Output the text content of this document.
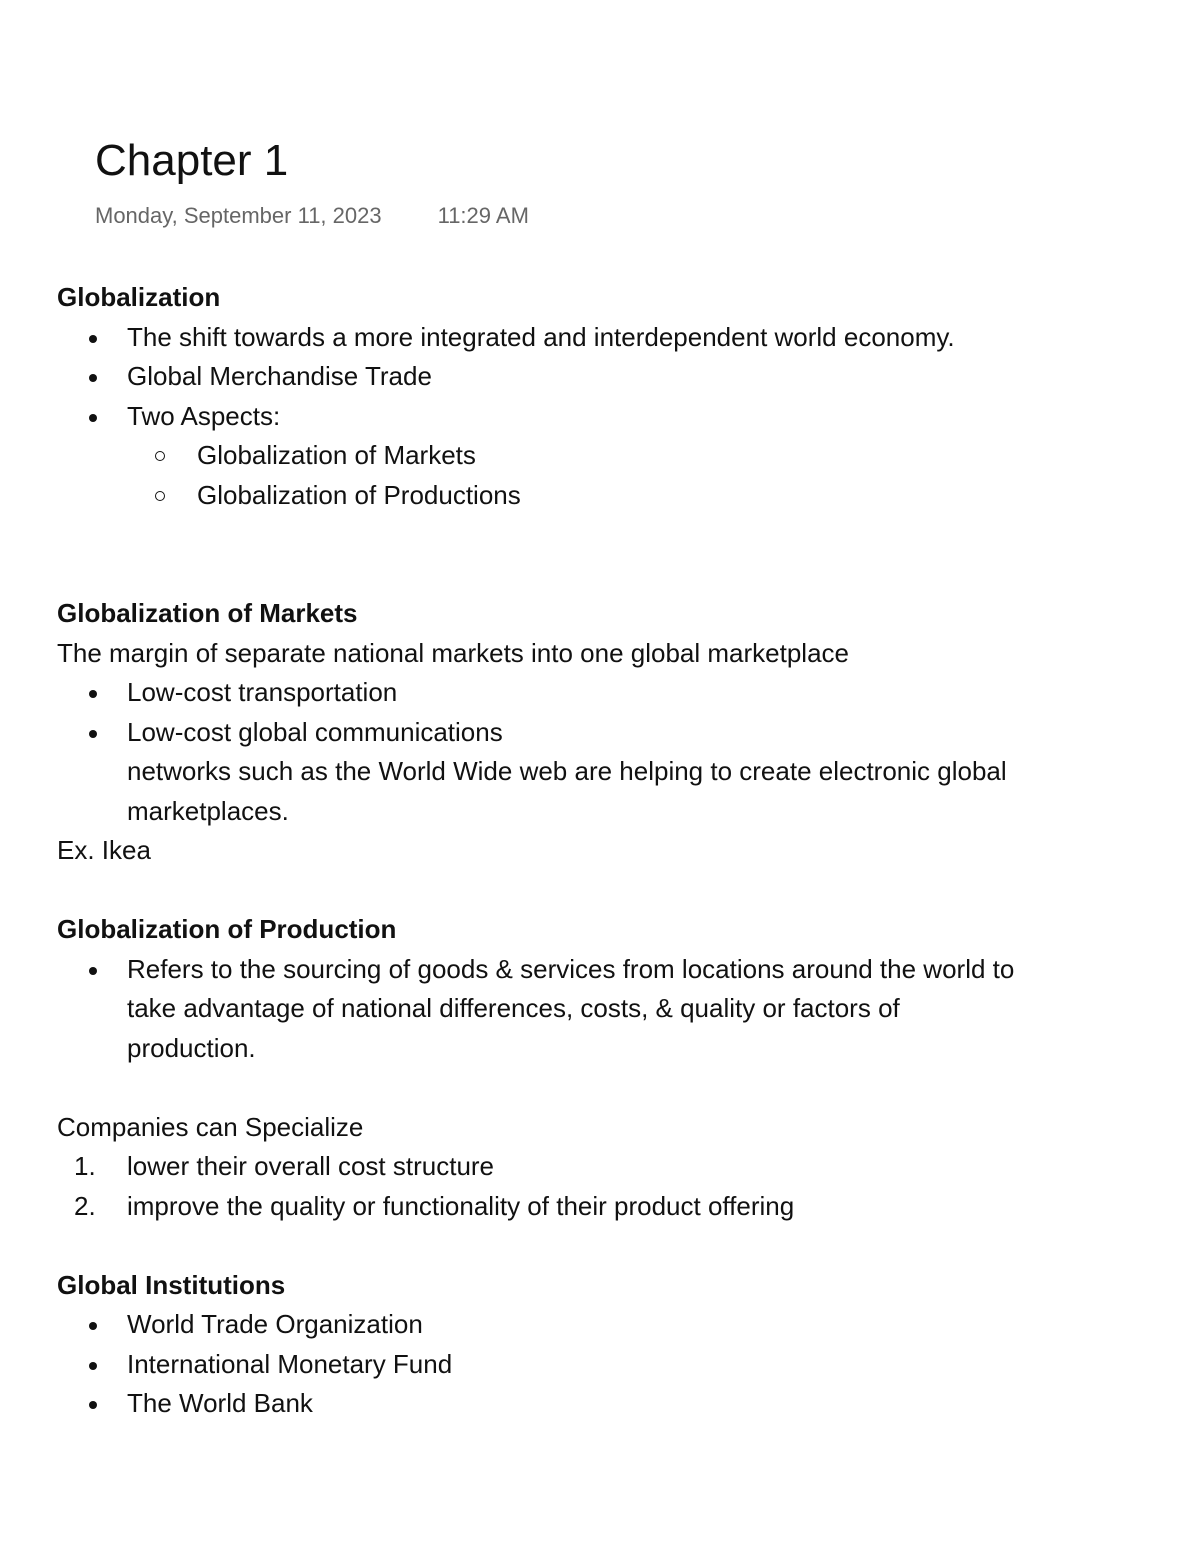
Chapter 1
Monday, September 11, 2023	11:29 AM
Globalization
The shift towards a more integrated and interdependent world economy.
Global Merchandise Trade
Two Aspects:
Globalization of Markets
Globalization of Productions
Globalization of Markets
The margin of separate national markets into one global marketplace
Low-cost transportation
Low-cost global communications
networks such as the World Wide web are helping to create electronic global
marketplaces.
Ex. Ikea
Globalization of Production
Refers to the sourcing of goods & services from locations around the world to
take advantage of national differences, costs, & quality or factors of
production.
Companies can Specialize
1. lower their overall cost structure
2. improve the quality or functionality of their product offering
Global Institutions
World Trade Organization
International Monetary Fund
The World Bank
